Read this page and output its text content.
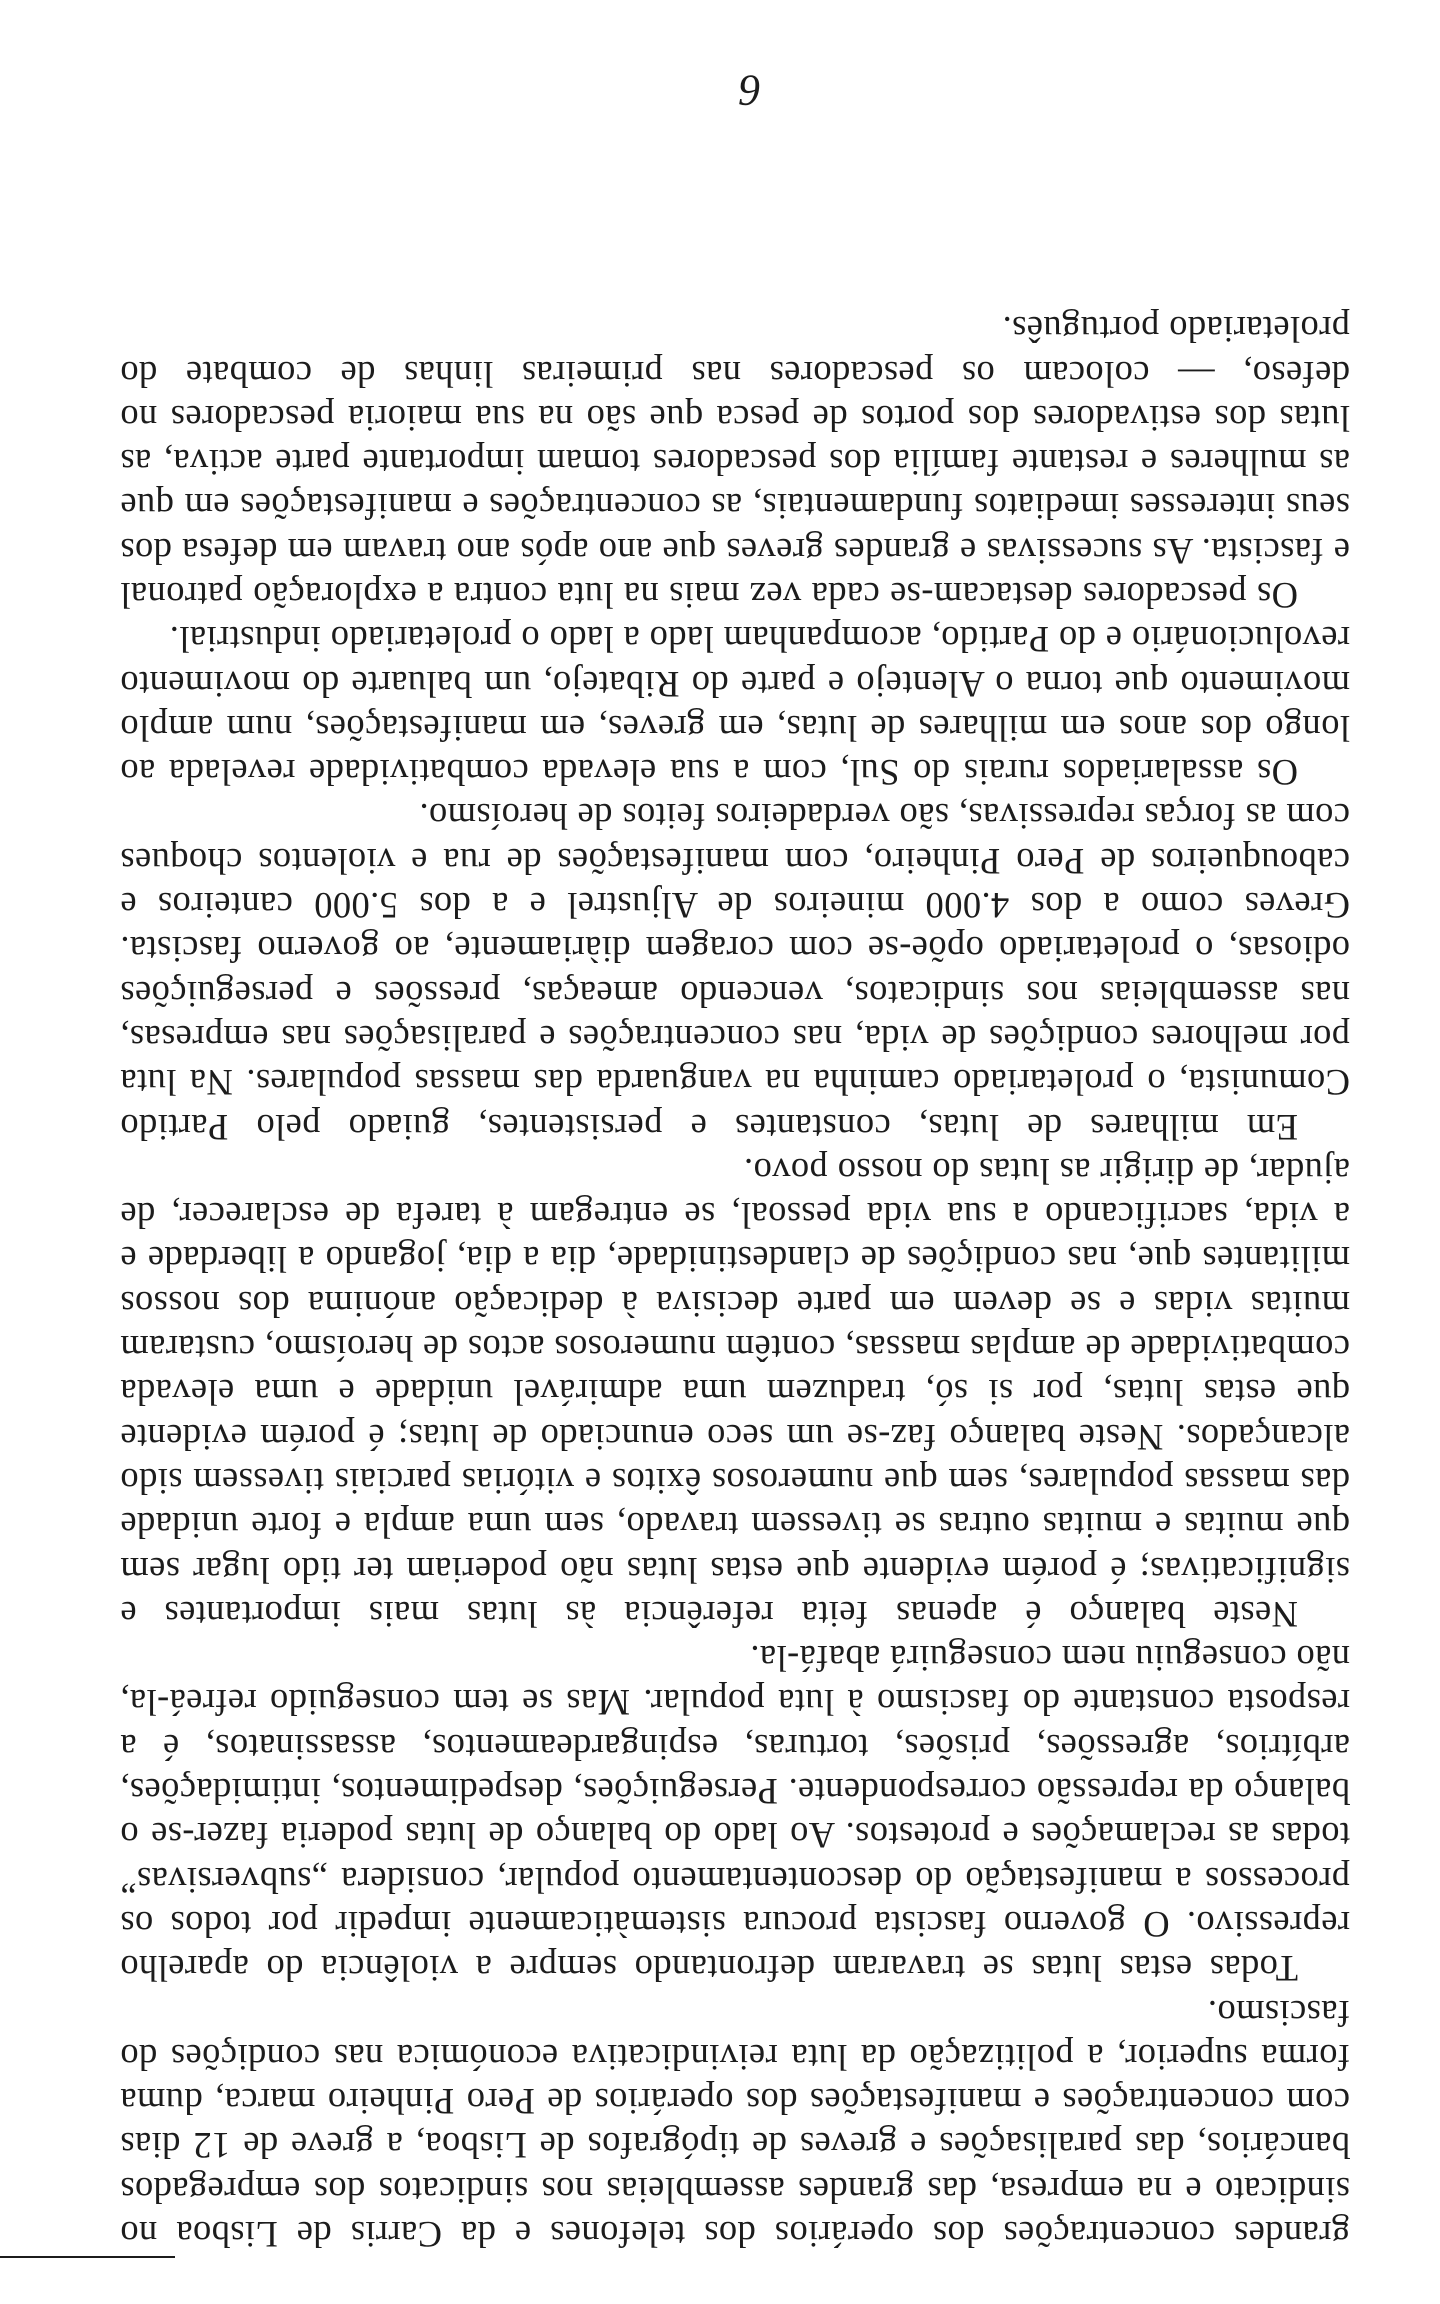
6

grandes concentrações dos operários dos telefones e da Carris de Lisboa no sindicato e na empresa, das grandes assembleias nos sindicatos dos empregados bancários, das paralisações e greves de tipógrafos de Lisboa, a greve de 12 dias com concentrações e manifestações dos operários de Pero Pinheiro marca, duma forma superior, a politização da luta reivindicativa económica nas condições do fascismo.

Todas estas lutas se travaram defrontando sempre a violência do aparelho repressivo. O governo fascista procura sistemàticamente impedir por todos os processos a manifestação do descontentamento popular, considera „subversivas” todas as reclamações e protestos. Ao lado do balanço de lutas poderia fazer-se o balanço da repressão correspondente. Perseguições, despedimentos, intimidações, arbítrios, agressões, prisões, torturas, espingardeamentos, assassinatos, é a resposta constante do fascismo à luta popular. Mas se tem conseguido refreá-la, não conseguiu nem conseguirá abafá-la.

Neste balanço é apenas feita referência às lutas mais importantes e significativas; é porém evidente que estas lutas não poderiam ter tido lugar sem que muitas e muitas outras se tivessem travado, sem uma ampla e forte unidade das massas populares, sem que numerosos êxitos e vitórias parciais tivessem sido alcançados. Neste balanço faz-se um seco enunciado de lutas; é porém evidente que estas lutas, por si só, traduzem uma admirável unidade e uma elevada combatividade de amplas massas, contêm numerosos actos de heroísmo, custaram muitas vidas e se devem em parte decisiva à dedicação anónima dos nossos militantes que, nas condições de clandestinidade, dia a dia, jogando a liberdade e a vida, sacrificando a sua vida pessoal, se entregam à tarefa de esclarecer, de ajudar, de dirigir as lutas do nosso povo.

Em milhares de lutas, constantes e persistentes, guiado pelo Partido Comunista, o proletariado caminha na vanguarda das massas populares. Na luta por melhores condições de vida, nas concentrações e paralisações nas empresas, nas assembleias nos sindicatos, vencendo ameaças, pressões e perseguições odiosas, o proletariado opõe-se com coragem diàriamente, ao governo fascista. Greves como a dos 4.000 mineiros de Aljustrel e a dos 5.000 canteiros e cabouqueiros de Pero Pinheiro, com manifestações de rua e violentos choques com as forças repressivas, são verdadeiros feitos de heroísmo.

Os assalariados rurais do Sul, com a sua elevada combatividade revelada ao longo dos anos em milhares de lutas, em greves, em manifestações, num amplo movimento que torna o Alentejo e parte do Ribatejo, um baluarte do movimento revolucionário e do Partido, acompanham lado a lado o proletariado industrial.

Os pescadores destacam-se cada vez mais na luta contra a exploração patronal e fascista. As sucessivas e grandes greves que ano após ano travam em defesa dos seus interesses imediatos fundamentais, as concentrações e manifestações em que as mulheres e restante família dos pescadores tomam importante parte activa, as lutas dos estivadores dos portos de pesca que são na sua maioria pescadores no defeso, — colocam os pescadores nas primeiras linhas de combate do proletariado português.
